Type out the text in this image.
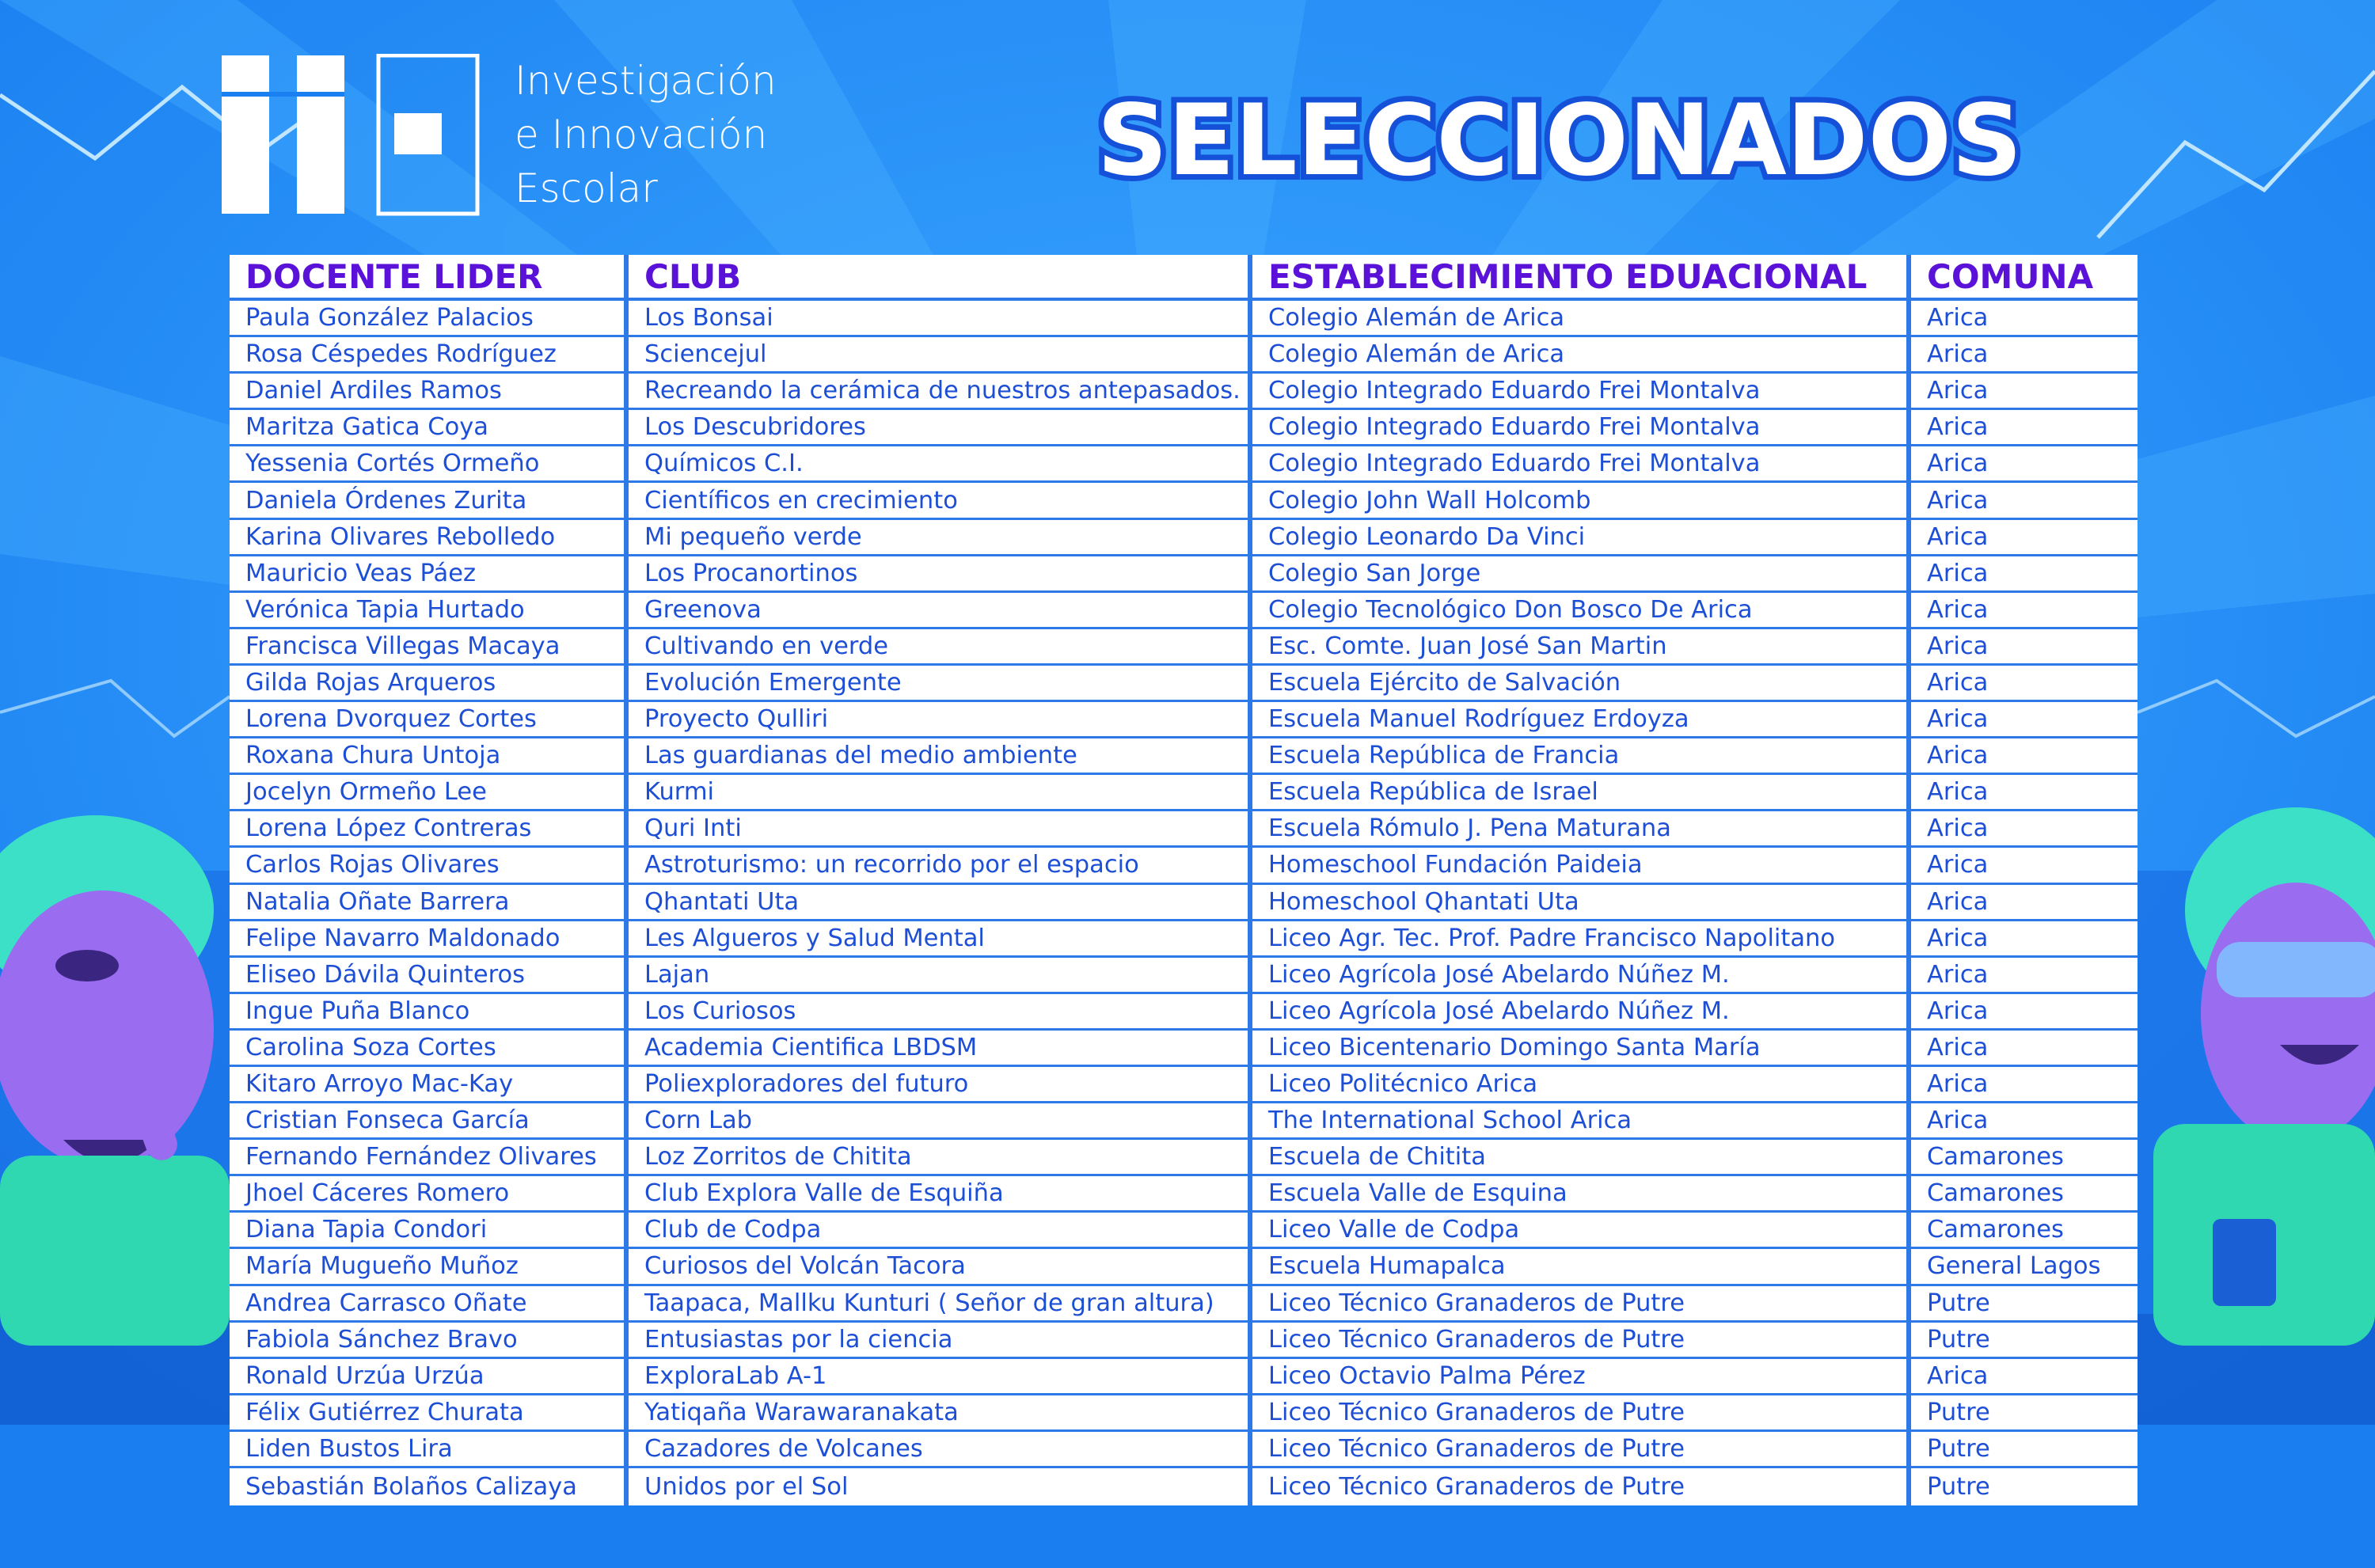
Investigación
e Innovación
Escolar	SELECCIONADOS
DOCENTE LIDER
Paula González Palacios
Rosa Céspedes Rodríguez
Daniel Ardiles Ramos
Maritza Gatica Coya
Yessenia Cortés Ormeño
Daniela Órdenes Zurita
Karina Olivares Rebolledo
Mauricio Veas Páez
Verónica Tapia Hurtado
Francisca Villegas Macaya
Gilda Rojas Arqueros
Lorena Dvorquez Cortes
Roxana Chura Untoja
Jocelyn Ormeño Lee
Lorena López Contreras
Carlos Rojas Olivares
Natalia Oñate Barrera
Felipe Navarro Maldonado
Eliseo Dávila Quinteros
Ingue Puña Blanco
Carolina Soza Cortes
Kitaro Arroyo Mac-Kay
Cristian Fonseca García
Fernando Fernández Olivares
Jhoel Cáceres Romero
Diana Tapia Condori
María Mugueño Muñoz
Andrea Carrasco Oñate
Fabiola Sánchez Bravo
Ronald Urzúa Urzúa
Félix Gutiérrez Churata
Liden Bustos Lira
Sebastián Bolaños Calizaya
CLUB
Los Bonsai
Sciencejul
Recreando la cerámica de nuestros antepasados.
Los Descubridores
Químicos C.I.
Científicos en crecimiento
Mi pequeño verde
Los Procanortinos
Greenova
Cultivando en verde
Evolución Emergente
Proyecto Qulliri
Las guardianas del medio ambiente
Kurmi
Quri Inti
Astroturismo: un recorrido por el espacio
Qhantati Uta
Les Algueros y Salud Mental
Lajan
Los Curiosos
Academia Cientifica LBDSM
Poliexploradores del futuro
Corn Lab
Loz Zorritos de Chitita
Club Explora Valle de Esquiña
Club de Codpa
Curiosos del Volcán Tacora
Taapaca, Mallku Kunturi ( Señor de gran altura)
Entusiastas por la ciencia
ExploraLab A-1
Yatiqaña Warawaranakata
Cazadores de Volcanes
Unidos por el Sol
ESTABLECIMIENTO EDUACIONAL
Colegio Alemán de Arica
Colegio Alemán de Arica
Colegio Integrado Eduardo Frei Montalva
Colegio Integrado Eduardo Frei Montalva
Colegio Integrado Eduardo Frei Montalva
Colegio John Wall Holcomb
Colegio Leonardo Da Vinci
Colegio San Jorge
Colegio Tecnológico Don Bosco De Arica
Esc. Comte. Juan José San Martin
Escuela Ejército de Salvación
Escuela Manuel Rodríguez Erdoyza
Escuela República de Francia
Escuela República de Israel
Escuela Rómulo J. Pena Maturana
Homeschool Fundación Paideia
Homeschool Qhantati Uta
Liceo Agr. Tec. Prof. Padre Francisco Napolitano
Liceo Agrícola José Abelardo Núñez M.
Liceo Agrícola José Abelardo Núñez M.
Liceo Bicentenario Domingo Santa María
Liceo Politécnico Arica
The International School Arica
Escuela de Chitita
Escuela Valle de Esquina
Liceo Valle de Codpa
Escuela Humapalca
Liceo Técnico Granaderos de Putre
Liceo Técnico Granaderos de Putre
Liceo Octavio Palma Pérez
Liceo Técnico Granaderos de Putre
Liceo Técnico Granaderos de Putre
Liceo Técnico Granaderos de Putre
COMUNA
Arica
Arica
Arica
Arica
Arica
Arica
Arica
Arica
Arica
Arica
Arica
Arica
Arica
Arica
Arica
Arica
Arica
Arica
Arica
Arica
Arica
Arica
Arica
Camarones
Camarones
Camarones
General Lagos
Putre
Putre
Arica
Putre
Putre
Putre
